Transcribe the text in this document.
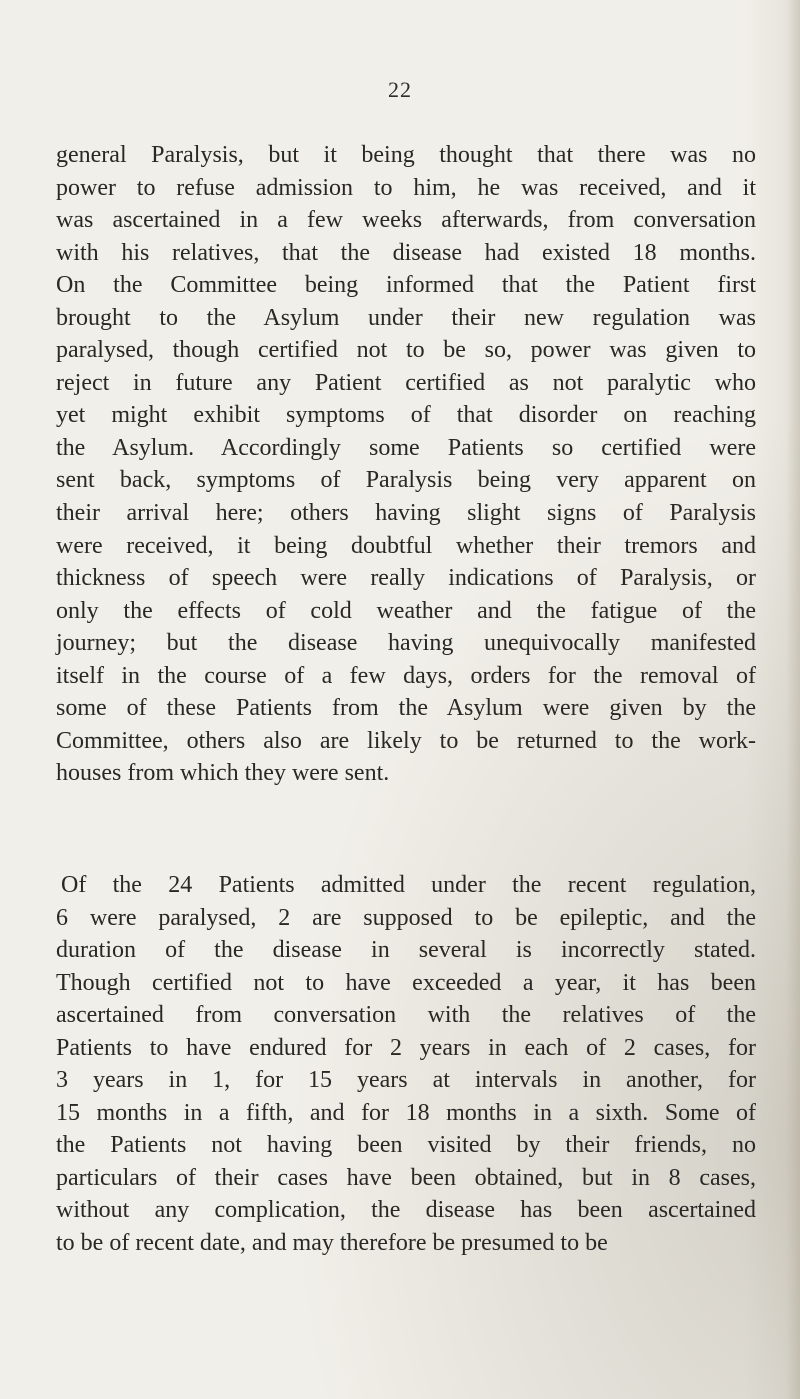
22
general Paralysis, but it being thought that there was no
power to refuse admission to him, he was received, and it
was ascertained in a few weeks afterwards, from conversation
with his relatives, that the disease had existed 18 months.
On the Committee being informed that the Patient first
brought to the Asylum under their new regulation was
paralysed, though certified not to be so, power was given to
reject in future any Patient certified as not paralytic who
yet might exhibit symptoms of that disorder on reaching
the Asylum. Accordingly some Patients so certified were
sent back, symptoms of Paralysis being very apparent on
their arrival here; others having slight signs of Paralysis
were received, it being doubtful whether their tremors and
thickness of speech were really indications of Paralysis, or
only the effects of cold weather and the fatigue of the
journey; but the disease having unequivocally manifested
itself in the course of a few days, orders for the removal of
some of these Patients from the Asylum were given by the
Committee, others also are likely to be returned to the work-
houses from which they were sent.
Of the 24 Patients admitted under the recent regulation,
6 were paralysed, 2 are supposed to be epileptic, and the
duration of the disease in several is incorrectly stated.
Though certified not to have exceeded a year, it has been
ascertained from conversation with the relatives of the
Patients to have endured for 2 years in each of 2 cases, for
3 years in 1, for 15 years at intervals in another, for
15 months in a fifth, and for 18 months in a sixth. Some of
the Patients not having been visited by their friends, no
particulars of their cases have been obtained, but in 8 cases,
without any complication, the disease has been ascertained
to be of recent date, and may therefore be presumed to be
